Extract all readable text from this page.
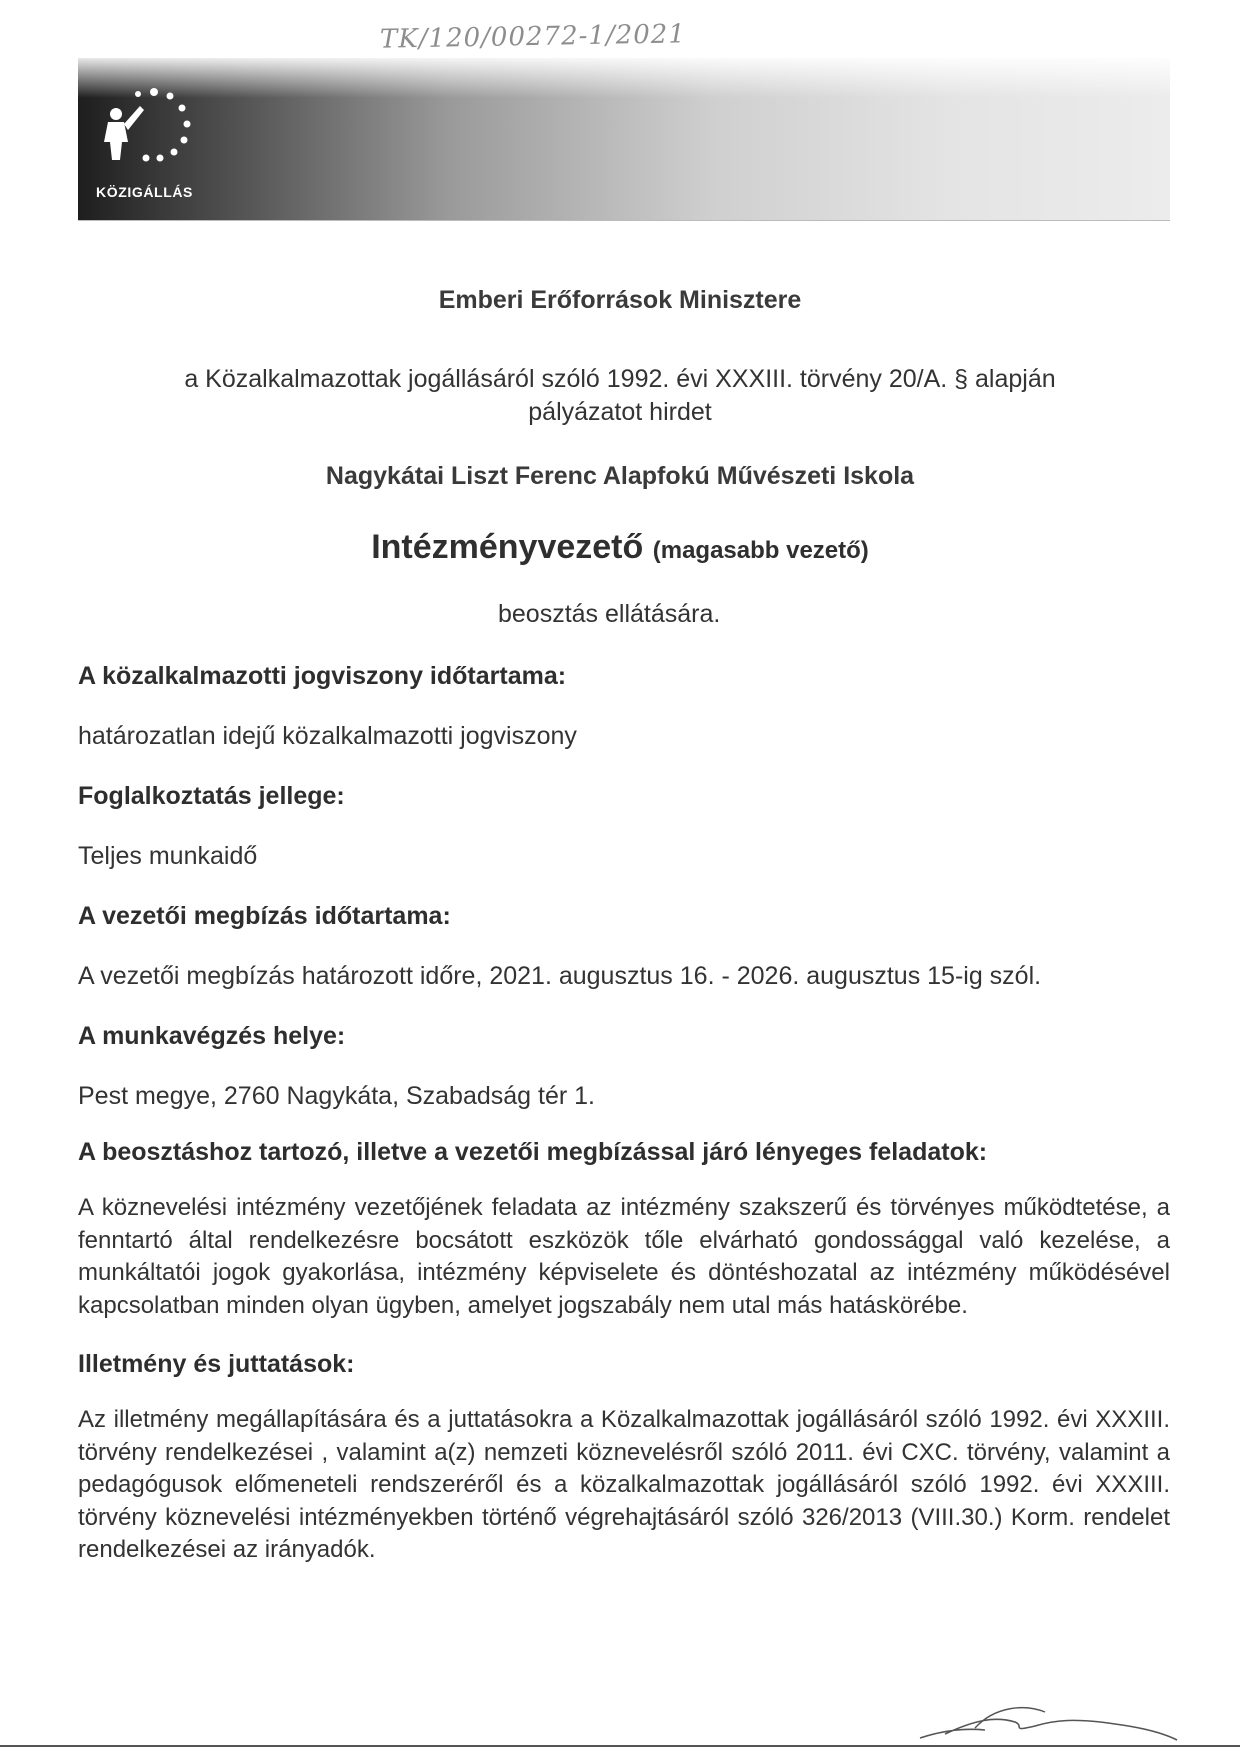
TK/120/00272-1/2021
KÖZIGÁLLÁS
Emberi Erőforrások Minisztere
a Közalkalmazottak jogállásáról szóló 1992. évi XXXIII. törvény 20/A. § alapján
pályázatot hirdet
Nagykátai Liszt Ferenc Alapfokú Művészeti Iskola
Intézményvezető (magasabb vezető)
beosztás ellátására.

A közalkalmazotti jogviszony időtartama:

határozatlan idejű közalkalmazotti jogviszony

Foglalkoztatás jellege:

Teljes munkaidő

A vezetői megbízás időtartama:

A vezetői megbízás határozott időre, 2021. augusztus 16. - 2026. augusztus 15-ig szól.

A munkavégzés helye:

Pest megye, 2760 Nagykáta, Szabadság tér 1.

A beosztáshoz tartozó, illetve a vezetői megbízással járó lényeges feladatok:

A köznevelési intézmény vezetőjének feladata az intézmény szakszerű és törvényes működtetése, a fenntartó által rendelkezésre bocsátott eszközök tőle elvárható gondossággal való kezelése, a munkáltatói jogok gyakorlása, intézmény képviselete és döntéshozatal az intézmény működésével kapcsolatban minden olyan ügyben, amelyet jogszabály nem utal más hatáskörébe.

Illetmény és juttatások:

Az illetmény megállapítására és a juttatásokra a Közalkalmazottak jogállásáról szóló 1992. évi XXXIII. törvény rendelkezései , valamint a(z) nemzeti köznevelésről szóló 2011. évi CXC. törvény, valamint a pedagógusok előmeneteli rendszeréről és a közalkalmazottak jogállásáról szóló 1992. évi XXXIII. törvény köznevelési intézményekben történő végrehajtásáról szóló 326/2013 (VIII.30.) Korm. rendelet rendelkezései az irányadók.
